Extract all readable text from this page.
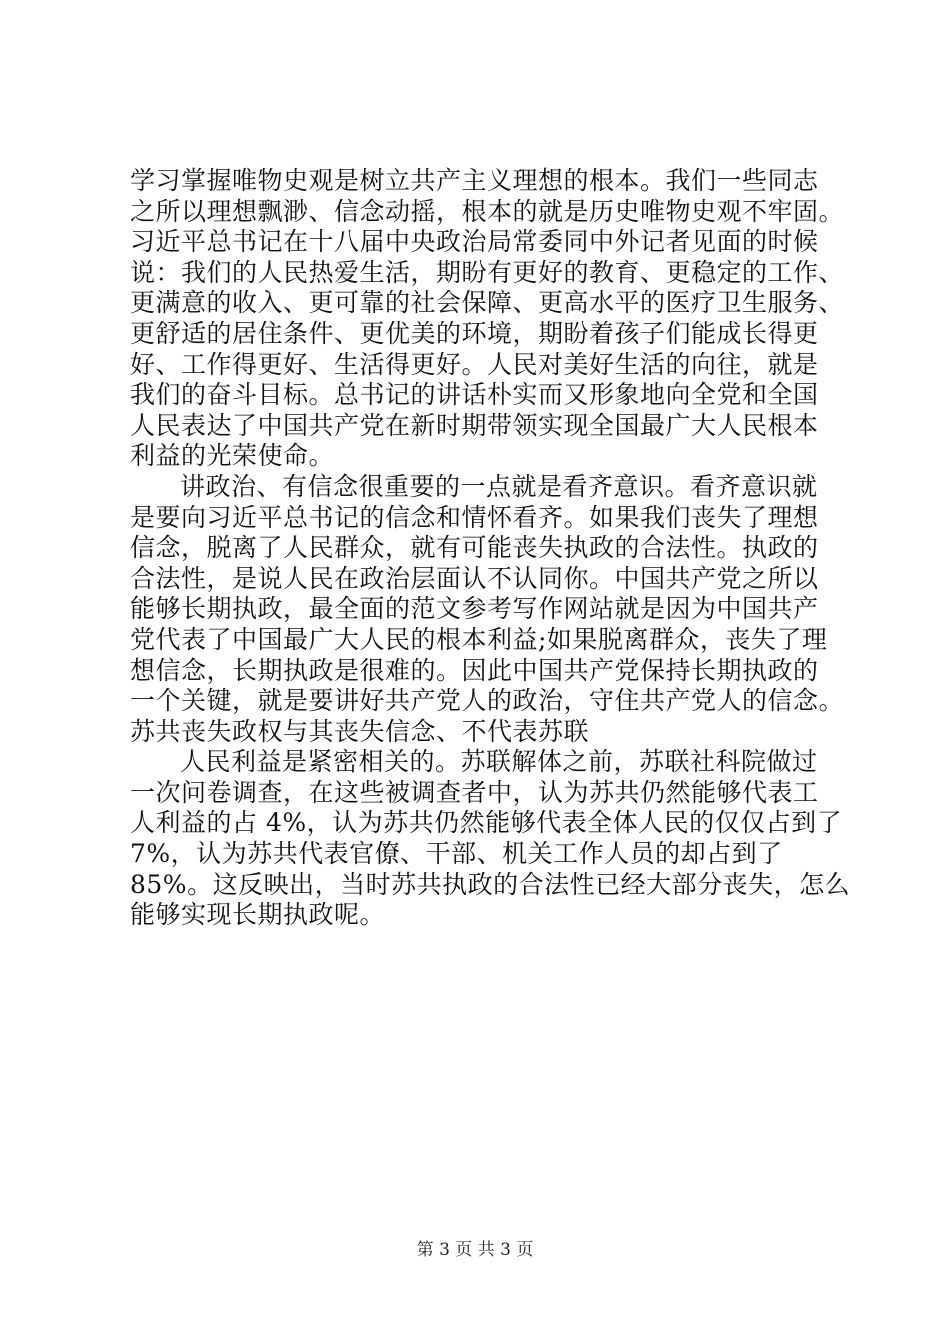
学习掌握唯物史观是树立共产主义理想的根本。我们一些同志
之所以理想飘渺、信念动摇，根本的就是历史唯物史观不牢固。
习近平总书记在十八届中央政治局常委同中外记者见面的时候
说：我们的人民热爱生活，期盼有更好的教育、更稳定的工作、
更满意的收入、更可靠的社会保障、更高水平的医疗卫生服务、
更舒适的居住条件、更优美的环境，期盼着孩子们能成长得更
好、工作得更好、生活得更好。人民对美好生活的向往，就是
我们的奋斗目标。总书记的讲话朴实而又形象地向全党和全国
人民表达了中国共产党在新时期带领实现全国最广大人民根本
利益的光荣使命。
讲政治、有信念很重要的一点就是看齐意识。看齐意识就
是要向习近平总书记的信念和情怀看齐。如果我们丧失了理想
信念，脱离了人民群众，就有可能丧失执政的合法性。执政的
合法性，是说人民在政治层面认不认同你。中国共产党之所以
能够长期执政，最全面的范文参考写作网站就是因为中国共产
党代表了中国最广大人民的根本利益;如果脱离群众，丧失了理
想信念，长期执政是很难的。因此中国共产党保持长期执政的
一个关键，就是要讲好共产党人的政治，守住共产党人的信念。
苏共丧失政权与其丧失信念、不代表苏联
人民利益是紧密相关的。苏联解体之前，苏联社科院做过
一次问卷调查，在这些被调查者中，认为苏共仍然能够代表工
人利益的占 4%，认为苏共仍然能够代表全体人民的仅仅占到了
7%，认为苏共代表官僚、干部、机关工作人员的却占到了
85%。这反映出，当时苏共执政的合法性已经大部分丧失，怎么
能够实现长期执政呢。
第 3 页 共 3 页
